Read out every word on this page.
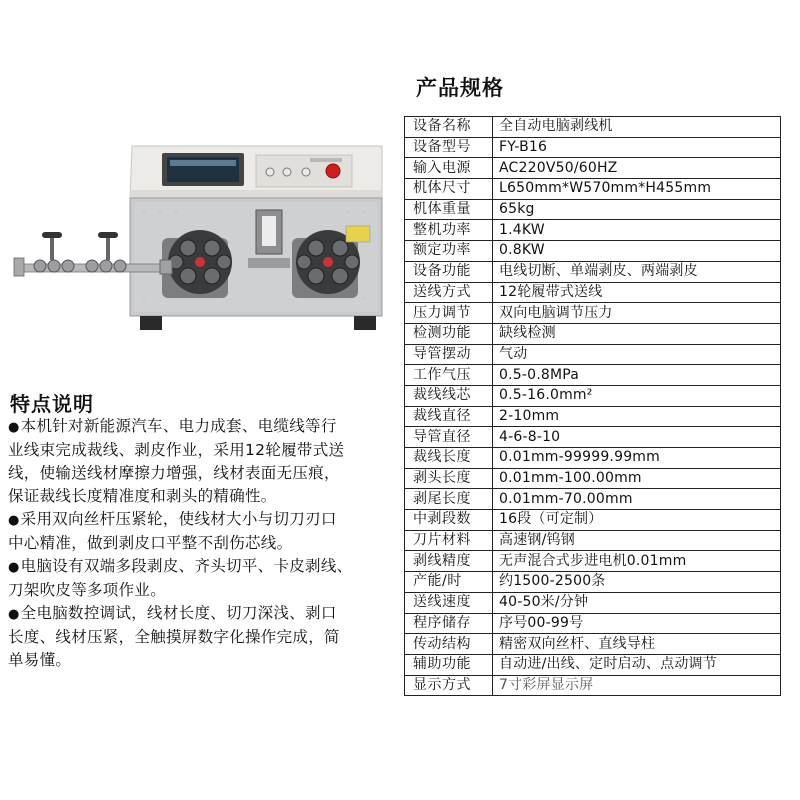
产品规格
设备名称	全自动电脑剥线机
设备型号	FY-B16
输入电源	AC220V50/60HZ
机体尺寸	L650mm*W570mm*H455mm
机体重量	65kg
整机功率	1.4KW
额定功率	0.8KW
设备功能	电线切断、单端剥皮、两端剥皮
送线方式	12轮履带式送线
压力调节	双向电脑调节压力
检测功能	缺线检测
导管摆动	气动
工作气压	0.5-0.8MPa
裁线线芯	0.5-16.0mm²
裁线直径	2-10mm
导管直径	4-6-8-10
裁线长度	0.01mm-99999.99mm
剥头长度	0.01mm-100.00mm
剥尾长度	0.01mm-70.00mm
中剥段数	16段（可定制）
刀片材料	高速钢/钨钢
剥线精度	无声混合式步进电机0.01mm
产能/时	约1500-2500条
送线速度	40-50米/分钟
程序储存	序号00-99号
传动结构	精密双向丝杆、直线导柱
辅助功能	自动进/出线、定时启动、点动调节
显示方式	7寸彩屏显示屏
特点说明
●本机针对新能源汽车、电力成套、电缆线等行
业线束完成裁线、剥皮作业，采用12轮履带式送
线，使输送线材摩擦力增强，线材表面无压痕，
保证裁线长度精准度和剥头的精确性。
●采用双向丝杆压紧轮，使线材大小与切刀刃口
中心精准，做到剥皮口平整不刮伤芯线。
●电脑设有双端多段剥皮、齐头切平、卡皮剥线、
刀架吹皮等多项作业。
●全电脑数控调试，线材长度、切刀深浅、剥口
长度、线材压紧，全触摸屏数字化操作完成，简
单易懂。
